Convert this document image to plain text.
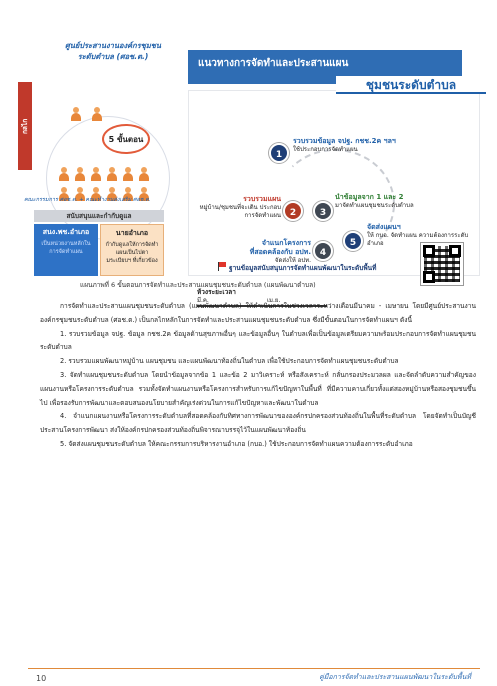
ศูนย์ประสานงานองค์กรชุมชน
ระดับตำบล (ศอช.ต.)
กลไก

5 ขั้นตอน

คณะกรรมการ ศอช.ต. + คณะทำงานส่งเสริม ศอช.ต.
สนับสนุนและกำกับดูแล
สนง.พช.อำเภอ
เป็นหน่วยงานหลักในการจัดทำแผน
นายอำเภอ
กำกับดูแลให้การจัดทำแผนเป็นไปตามระเบียบฯ ที่เกี่ยวข้อง
1
รวบรวมข้อมูล จปฐ. กชช.2ค ฯลฯ
ใช้ประกอบการจัดทำแผน
2
รวบรวมแผน
หมู่บ้าน/ชุมชนที่จะเดิน ประกอบการจัดทำแผน	3
นำข้อมูลจาก 1 และ 2
มาจัดทำแผนชุมชนระดับตำบล
4
จำแนกโครงการ
ที่สอดคล้องกับ อปท.
จัดส่งให้ อปท.
5
จัดส่งแผนฯ
ให้ กบอ. จัดทำแผน ความต้องการระดับอำเภอ
ห้วงระยะเวลา
มี.ค.	เม.ย.
แนวทางการจัดทำและประสานแผน
ชุมชนระดับตำบล
ฐานข้อมูลสนับสนุนการจัดทำแผนพัฒนาในระดับพื้นที่
แผนภาพที่ 6 ขั้นตอนการจัดทำและประสานแผนชุมชนระดับตำบล (แผนพัฒนาตำบล)

การจัดทำและประสานแผนชุมชนระดับตำบล (แผนพัฒนาตำบล) ให้ดำเนินการในช่วงเวลาระหว่างเดือนมีนาคม - เมษายน โดยมีศูนย์ประสานงานองค์กรชุมชนระดับตำบล (ศอช.ต.) เป็นกลไกหลักในการจัดทำและประสานแผนชุมชนระดับตำบล ซึ่งมีขั้นตอนในการจัดทำแผนฯ ดังนี้

1. รวบรวมข้อมูล จปฐ. ข้อมูล กชช.2ค ข้อมูลด้านสุขภาพอื่นๆ และข้อมูลอื่นๆ ในตำบลเพื่อเป็นข้อมูลเตรียมความพร้อมประกอบการจัดทำแผนชุมชนระดับตำบล

2. รวบรวมแผนพัฒนาหมู่บ้าน แผนชุมชน และแผนพัฒนาท้องถิ่นในตำบล เพื่อใช้ประกอบการจัดทำแผนชุมชนระดับตำบล

3. จัดทำแผนชุมชนระดับตำบล โดยนำข้อมูลจากข้อ 1 และข้อ 2 มาวิเคราะห์ หรือสังเคราะห์ กลั่นกรองประมวลผล และจัดลำดับความสำคัญของแผนงานหรือโครงการระดับตำบล รวมทั้งจัดทำแผนงานหรือโครงการสำหรับการแก้ไขปัญหาในพื้นที่ ที่มีความคาบเกี่ยวทั้งแต่สองหมู่บ้านหรือสองชุมชนขึ้นไป เพื่อรองรับการพัฒนาและตอบสนองนโยบายสำคัญเร่งด่วนในการแก้ไขปัญหาและพัฒนาในตำบล

4. จำแนกแผนงานหรือโครงการระดับตำบลที่สอดคล้องกับทิศทางการพัฒนาขององค์กรปกครองส่วนท้องถิ่นในพื้นที่ระดับตำบล โดยจัดทำเป็นบัญชีประสานโครงการพัฒนา ส่งให้องค์กรปกครองส่วนท้องถิ่นพิจารณาบรรจุไว้ในแผนพัฒนาท้องถิ่น

5. จัดส่งแผนชุมชนระดับตำบล ให้คณะกรรมการบริหารงานอำเภอ (กบอ.) ใช้ประกอบการจัดทำแผนความต้องการระดับอำเภอ

10	คู่มือการจัดทำและประสานแผนพัฒนาในระดับพื้นที่
